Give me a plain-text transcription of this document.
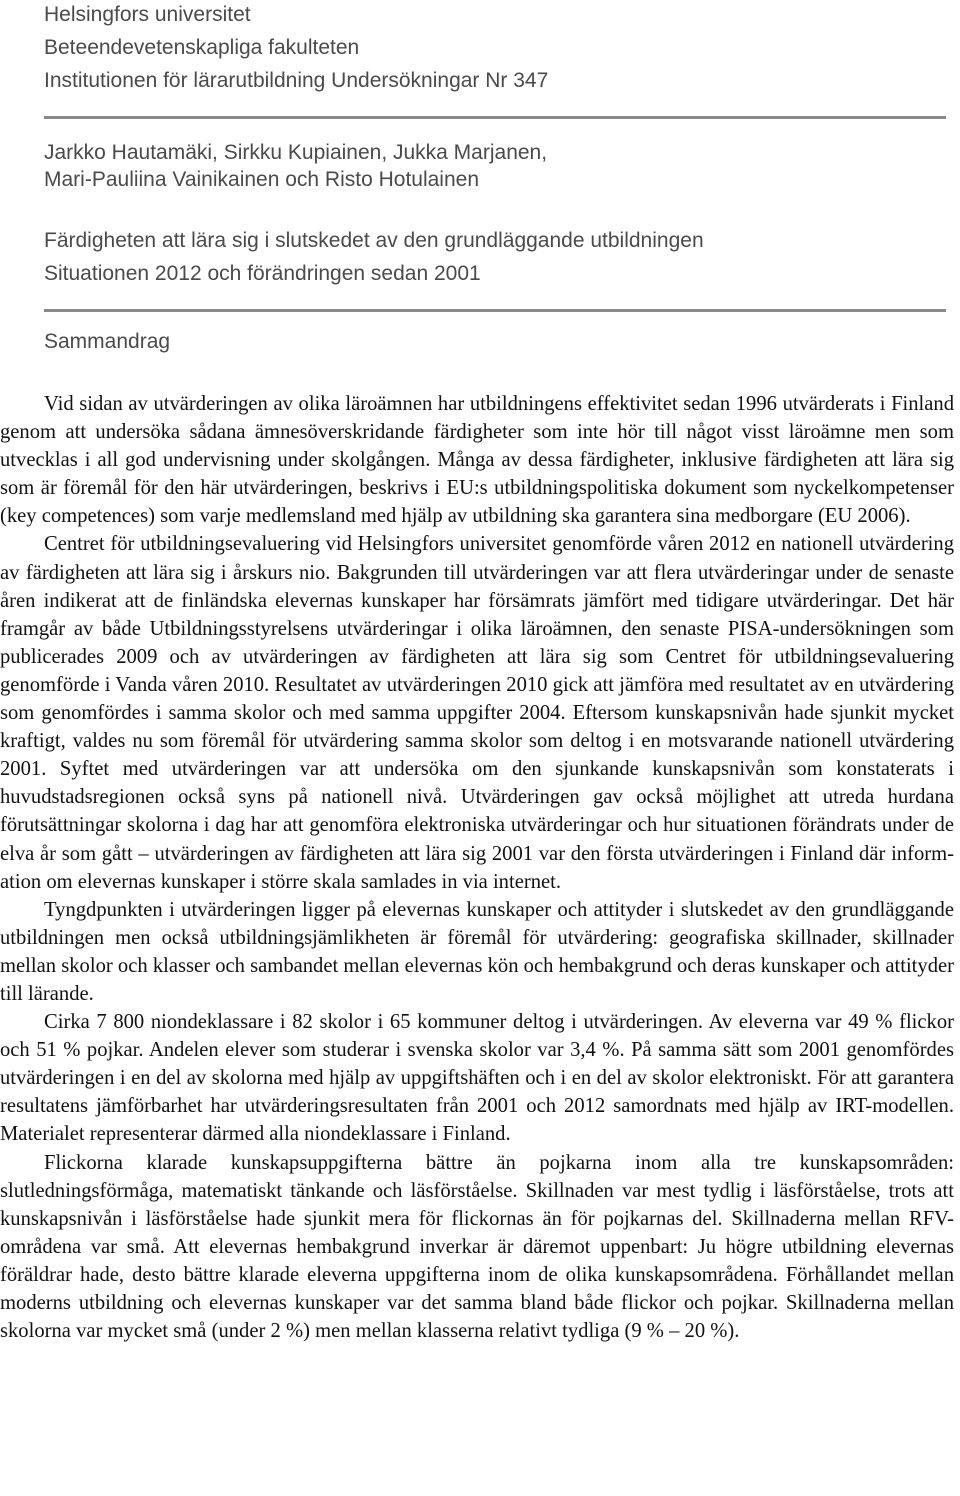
Helsingfors universitet
Beteendevetenskapliga fakulteten
Institutionen för lärarutbildning Undersökningar Nr 347
Jarkko Hautamäki, Sirkku Kupiainen, Jukka Marjanen,
Mari-Pauliina Vainikainen och Risto Hotulainen
Färdigheten att lära sig i slutskedet av den grundläggande utbildningen
Situationen 2012 och förändringen sedan 2001
Sammandrag

Vid sidan av utvärderingen av olika läroämnen har utbildningens effektivitet sedan 1996 utvärderats i Finland genom att undersöka sådana ämnesöverskridande färdigheter som inte hör till något visst läroämne men som utvecklas i all god undervisning under skolgången. Många av dessa färdigheter, inklusive färdigheten att lära sig som är föremål för den här utvärderingen, beskrivs i EU:s utbildningspolitiska dokument som nyckelkompetenser (key competences) som varje medlemsland med hjälp av utbildning ska garantera sina medborgare (EU 2006).

Centret för utbildningsevaluering vid Helsingfors universitet genomförde våren 2012 en nationell utvärdering av färdigheten att lära sig i årskurs nio. Bakgrunden till utvärderingen var att flera utvärderingar under de senaste åren indikerat att de finländska elevernas kunskaper har försämrats jämfört med tidigare utvärderingar. Det här framgår av både Utbildningsstyrelsens utvärderingar i olika läroämnen, den senaste PISA-undersökningen som publicerades 2009 och av utvärderingen av färdigheten att lära sig som Centret för utbildningsevaluering genomförde i Vanda våren 2010. Resultatet av utvärderingen 2010 gick att jämföra med resultatet av en utvärdering som genomfördes i samma skolor och med samma uppgifter 2004. Eftersom kunskapsnivån hade sjunkit mycket kraftigt, valdes nu som föremål för utvärdering samma skolor som deltog i en motsvarande nationell utvärdering 2001. Syftet med utvärderingen var att undersöka om den sjunkande kunskapsnivån som konstaterats i huvudstadsregionen också syns på nationell nivå. Utvärderingen gav också möjlighet att utreda hurdana förutsättningar skolorna i dag har att genomföra elektroniska utvärderingar och hur situationen förändrats under de elva år som gått – utvärderingen av färdigheten att lära sig 2001 var den första utvärderingen i Finland där information om elevernas kunskaper i större skala samlades in via internet.

Tyngdpunkten i utvärderingen ligger på elevernas kunskaper och attityder i slutskedet av den grundläggande utbildningen men också utbildningsjämlikheten är föremål för utvärdering: geografiska skillnader, skillnader mellan skolor och klasser och sambandet mellan elevernas kön och hembakgrund och deras kunskaper och attityder till lärande.

Cirka 7 800 niondeklassare i 82 skolor i 65 kommuner deltog i utvärderingen. Av eleverna var 49 % flickor och 51 % pojkar. Andelen elever som studerar i svenska skolor var 3,4 %. På samma sätt som 2001 genomfördes utvärderingen i en del av skolorna med hjälp av uppgiftshäften och i en del av skolor elektroniskt. För att garantera resultatens jämförbarhet har utvärderingsresultaten från 2001 och 2012 samordnats med hjälp av IRT-modellen. Materialet representerar därmed alla niondeklassare i Finland.

Flickorna klarade kunskapsuppgifterna bättre än pojkarna inom alla tre kunskapsområden: slutledningsförmåga, matematiskt tänkande och läsförståelse. Skillnaden var mest tydlig i läsförståelse, trots att kunskapsnivån i läsförståelse hade sjunkit mera för flickornas än för pojkarnas del. Skillnaderna mellan RFV-områdena var små. Att elevernas hembakgrund inverkar är däremot uppenbart: Ju högre utbildning elevernas föräldrar hade, desto bättre klarade eleverna uppgifterna inom de olika kunskapsområdena. Förhållandet mellan moderns utbildning och elevernas kunskaper var det samma bland både flickor och pojkar. Skillnaderna mellan skolorna var mycket små (under 2 %) men mellan klasserna relativt tydliga (9 % – 20 %).
